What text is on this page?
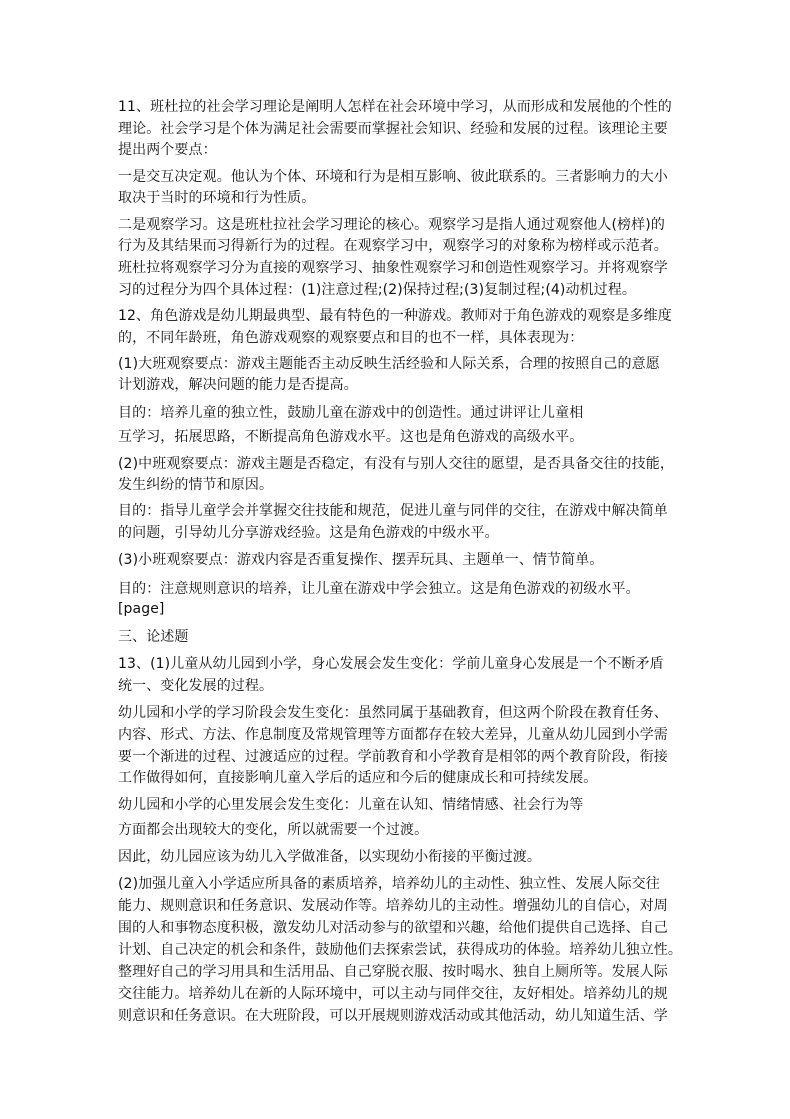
11、班杜拉的社会学习理论是阐明人怎样在社会环境中学习，从而形成和发展他的个性的
理论。社会学习是个体为满足社会需要而掌握社会知识、经验和发展的过程。该理论主要
提出两个要点：
一是交互决定观。他认为个体、环境和行为是相互影响、彼此联系的。三者影响力的大小
取决于当时的环境和行为性质。
二是观察学习。这是班杜拉社会学习理论的核心。观察学习是指人通过观察他人(榜样)的
行为及其结果而习得新行为的过程。在观察学习中，观察学习的对象称为榜样或示范者。
班杜拉将观察学习分为直接的观察学习、抽象性观察学习和创造性观察学习。并将观察学
习的过程分为四个具体过程：(1)注意过程;(2)保持过程;(3)复制过程;(4)动机过程。
12、角色游戏是幼儿期最典型、最有特色的一种游戏。教师对于角色游戏的观察是多维度
的，不同年龄班，角色游戏观察的观察要点和目的也不一样，具体表现为：
(1)大班观察要点：游戏主题能否主动反映生活经验和人际关系，合理的按照自己的意愿
计划游戏，解决问题的能力是否提高。
目的：培养儿童的独立性，鼓励儿童在游戏中的创造性。通过讲评让儿童相
互学习，拓展思路，不断提高角色游戏水平。这也是角色游戏的高级水平。
(2)中班观察要点：游戏主题是否稳定，有没有与别人交往的愿望，是否具备交往的技能，
发生纠纷的情节和原因。
目的：指导儿童学会并掌握交往技能和规范，促进儿童与同伴的交往，在游戏中解决简单
的问题，引导幼儿分享游戏经验。这是角色游戏的中级水平。
(3)小班观察要点：游戏内容是否重复操作、摆弄玩具、主题单一、情节简单。
目的：注意规则意识的培养，让儿童在游戏中学会独立。这是角色游戏的初级水平。
[page]
三、论述题
13、(1)儿童从幼儿园到小学，身心发展会发生变化：学前儿童身心发展是一个不断矛盾
统一、变化发展的过程。
幼儿园和小学的学习阶段会发生变化：虽然同属于基础教育，但这两个阶段在教育任务、
内容、形式、方法、作息制度及常规管理等方面都存在较大差异，儿童从幼儿园到小学需
要一个渐进的过程、过渡适应的过程。学前教育和小学教育是相邻的两个教育阶段，衔接
工作做得如何，直接影响儿童入学后的适应和今后的健康成长和可持续发展。
幼儿园和小学的心里发展会发生变化：儿童在认知、情绪情感、社会行为等
方面都会出现较大的变化，所以就需要一个过渡。
因此，幼儿园应该为幼儿入学做准备，以实现幼小衔接的平衡过渡。
(2)加强儿童入小学适应所具备的素质培养，培养幼儿的主动性、独立性、发展人际交往
能力、规则意识和任务意识、发展动作等。培养幼儿的主动性。增强幼儿的自信心，对周
围的人和事物态度积极，激发幼儿对活动参与的欲望和兴趣，给他们提供自己选择、自己
计划、自己决定的机会和条件，鼓励他们去探索尝试，获得成功的体验。培养幼儿独立性。
整理好自己的学习用具和生活用品、自己穿脱衣服、按时喝水、独自上厕所等。发展人际
交往能力。培养幼儿在新的人际环境中，可以主动与同伴交往，友好相处。培养幼儿的规
则意识和任务意识。在大班阶段，可以开展规则游戏活动或其他活动，幼儿知道生活、学
